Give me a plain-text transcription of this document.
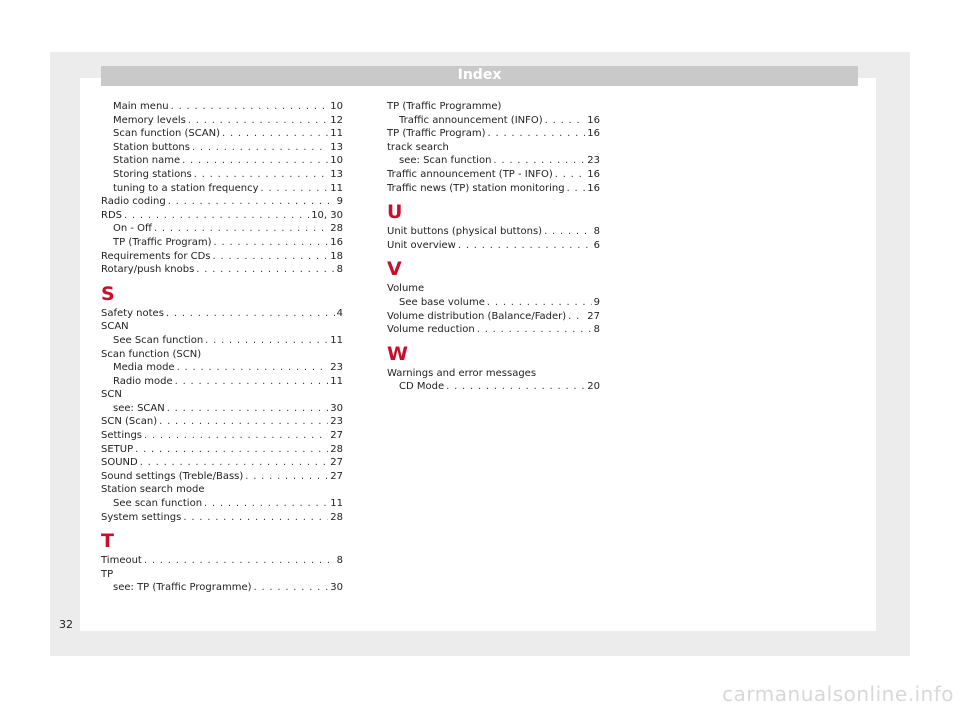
Index
Main menu . . .	10
Memory levels . . .	12
Scan function (SCAN) . . .	11
Station buttons . . .	13
Station name . . .	10
Storing stations . . .	13
tuning to a station frequency . . .	11
Radio coding . . .	9
RDS . . .	10, 30
On - Off . . .	28
TP (Traffic Program) . . .	16
Requirements for CDs . . .	18
Rotary/push knobs . . .	8
S
Safety notes . . .	4
SCAN
See Scan function . . .	11
Scan function (SCN)
Media mode . . .	23
Radio mode . . .	11
SCN
see: SCAN . . .	30
SCN (Scan) . . .	23
Settings . . .	27
SETUP . . .	28
SOUND . . .	27
Sound settings (Treble/Bass) . . .	27
Station search mode
See scan function . . .	11
System settings . . .	28
T
Timeout . . .	8
TP
see: TP (Traffic Programme) . . .	30
TP (Traffic Programme)
Traffic announcement (INFO) . . .	16
TP (Traffic Program) . . .	16
track search
see: Scan function . . .	23
Traffic announcement (TP - INFO) . . .	16
Traffic news (TP) station monitoring . . . 16
U
Unit buttons (physical buttons) . . .	8
Unit overview . . .	6
V
Volume
See base volume . . .	9
Volume distribution (Balance/Fader) . . . 27
Volume reduction . . .	8
W
Warnings and error messages
CD Mode . . .	20
32
carmanualsonline.info
